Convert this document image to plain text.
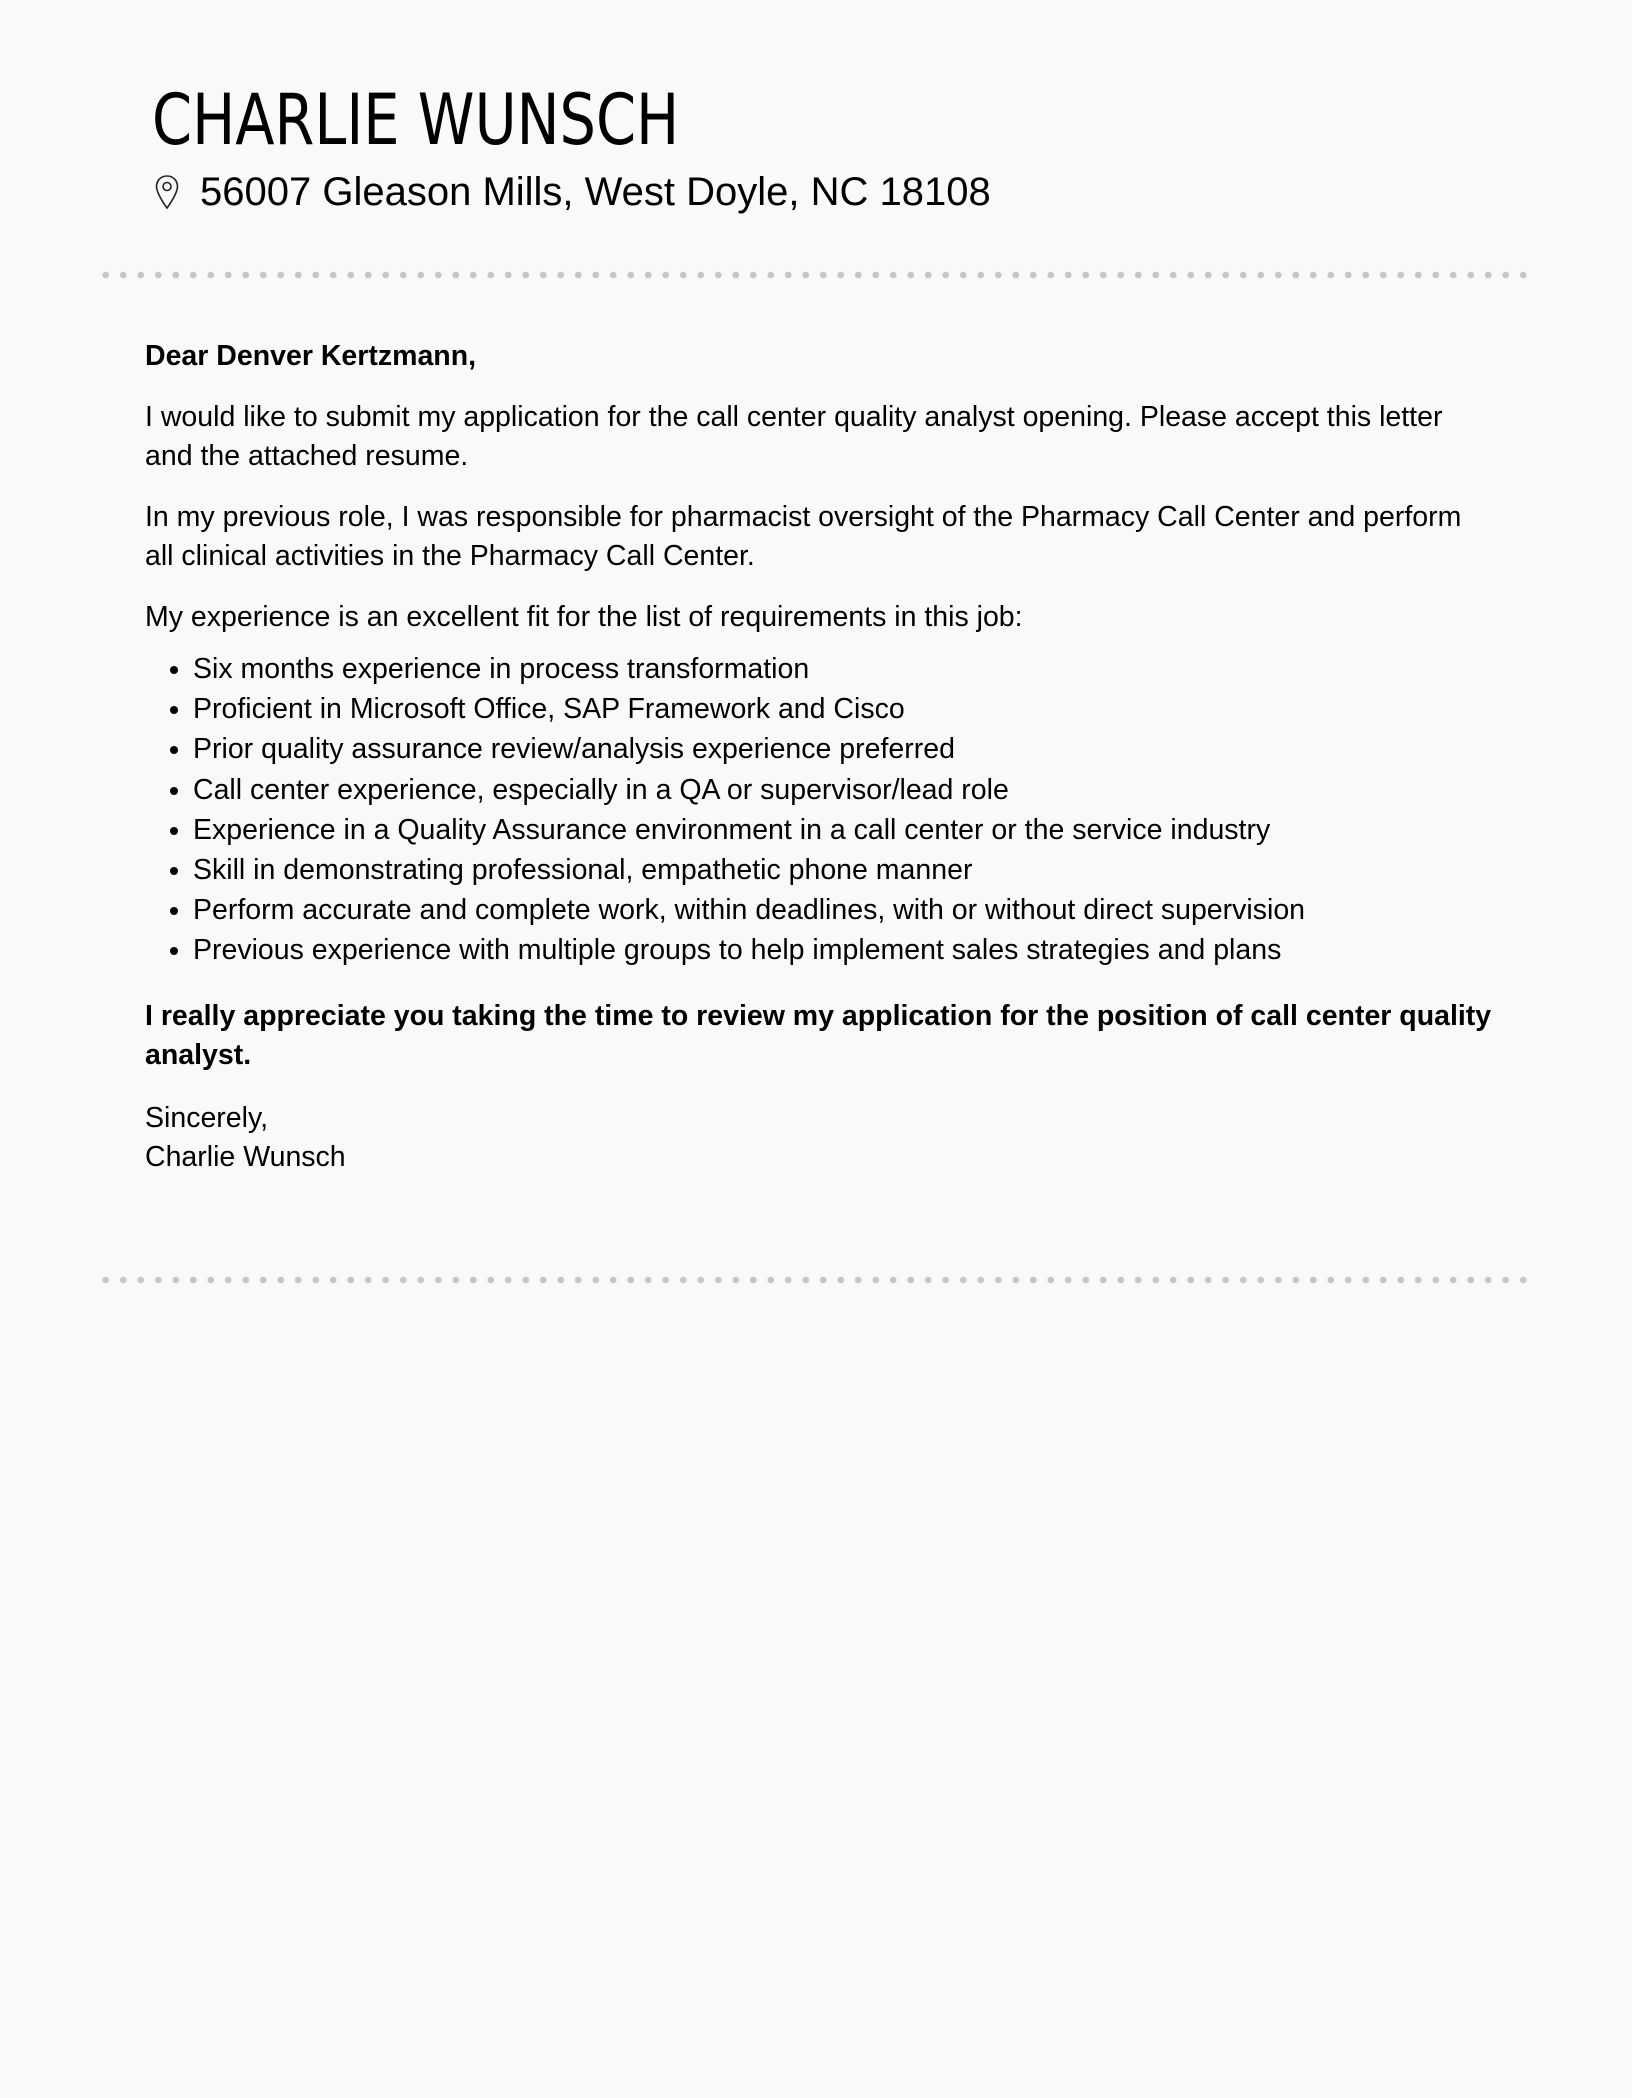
CHARLIE WUNSCH
56007 Gleason Mills, West Doyle, NC 18108

Dear Denver Kertzmann,

I would like to submit my application for the call center quality analyst opening. Please accept this letter and the attached resume.

In my previous role, I was responsible for pharmacist oversight of the Pharmacy Call Center and perform all clinical activities in the Pharmacy Call Center.

My experience is an excellent fit for the list of requirements in this job:

• Six months experience in process transformation
• Proficient in Microsoft Office, SAP Framework and Cisco
• Prior quality assurance review/analysis experience preferred
• Call center experience, especially in a QA or supervisor/lead role
• Experience in a Quality Assurance environment in a call center or the service industry
• Skill in demonstrating professional, empathetic phone manner
• Perform accurate and complete work, within deadlines, with or without direct supervision
• Previous experience with multiple groups to help implement sales strategies and plans

I really appreciate you taking the time to review my application for the position of call center quality analyst.

Sincerely,

Charlie Wunsch
